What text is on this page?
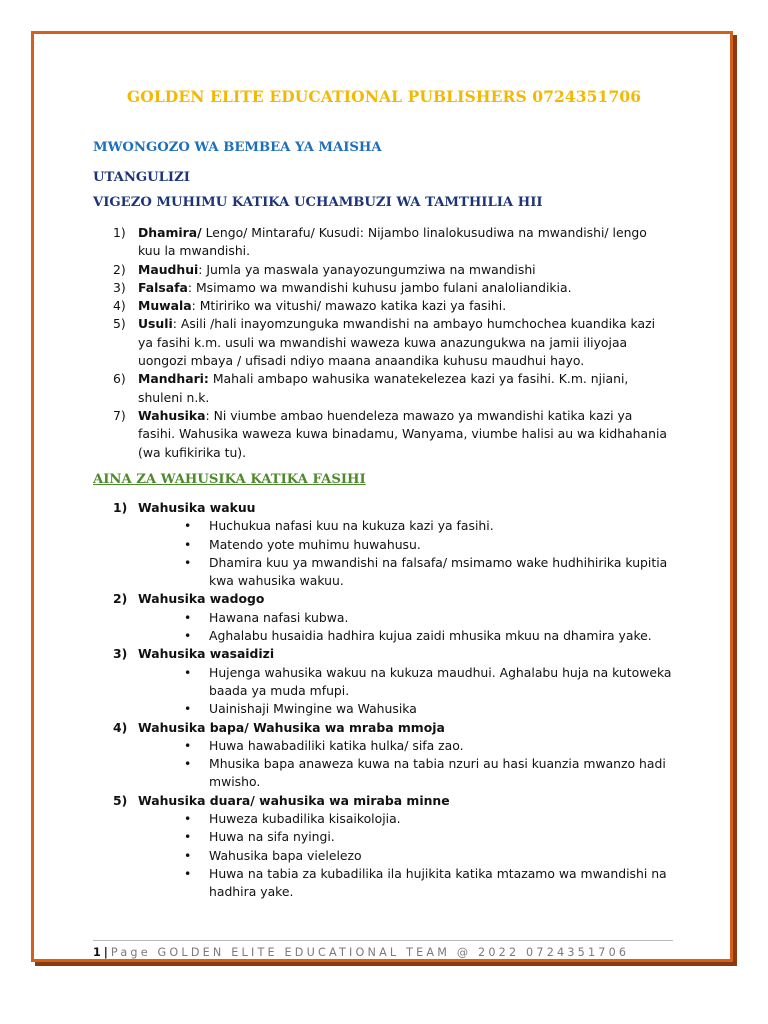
GOLDEN ELITE EDUCATIONAL PUBLISHERS 0724351706
MWONGOZO WA BEMBEA YA MAISHA
UTANGULIZI
VIGEZO MUHIMU KATIKA UCHAMBUZI WA TAMTHILIA HII
1) Dhamira/ Lengo/ Mintarafu/ Kusudi: Nijambo linalokusudiwa na mwandishi/ lengo kuu la mwandishi.
2) Maudhui: Jumla ya maswala yanayozungumziwa na mwandishi
3) Falsafa: Msimamo wa mwandishi kuhusu jambo fulani analoliandikia.
4) Muwala: Mtiririko wa vitushi/ mawazo katika kazi ya fasihi.
5) Usuli: Asili /hali inayomzunguka mwandishi na ambayo humchochea kuandika kazi ya fasihi k.m. usuli wa mwandishi waweza kuwa anazungukwa na jamii iliyojaa uongozi mbaya / ufisadi ndiyo maana anaandika kuhusu maudhui hayo.
6) Mandhari: Mahali ambapo wahusika wanatekelezea kazi ya fasihi. K.m. njiani, shuleni n.k.
7) Wahusika: Ni viumbe ambao huendeleza mawazo ya mwandishi katika kazi ya fasihi. Wahusika waweza kuwa binadamu, Wanyama, viumbe halisi au wa kidhahania (wa kufikirika tu).
AINA ZA WAHUSIKA KATIKA FASIHI
1) Wahusika wakuu
• Huchukua nafasi kuu na kukuza kazi ya fasihi.
• Matendo yote muhimu huwahusu.
• Dhamira kuu ya mwandishi na falsafa/ msimamo wake hudhihirika kupitia kwa wahusika wakuu.
2) Wahusika wadogo
• Hawana nafasi kubwa.
• Aghalabu husaidia hadhira kujua zaidi mhusika mkuu na dhamira yake.
3) Wahusika wasaidizi
• Hujenga wahusika wakuu na kukuza maudhui. Aghalabu huja na kutoweka baada ya muda mfupi.
• Uainishaji Mwingine wa Wahusika
4) Wahusika bapa/ Wahusika wa mraba mmoja
• Huwa hawabadiliki katika hulka/ sifa zao.
• Mhusika bapa anaweza kuwa na tabia nzuri au hasi kuanzia mwanzo hadi mwisho.
5) Wahusika duara/ wahusika wa miraba minne
• Huweza kubadilika kisaikolojia.
• Huwa na sifa nyingi.
• Wahusika bapa vielelezo
• Huwa na tabia za kubadilika ila hujikita katika mtazamo wa mwandishi na hadhira yake.
1 | Page GOLDEN ELITE EDUCATIONAL TEAM @ 2022 0724351706
